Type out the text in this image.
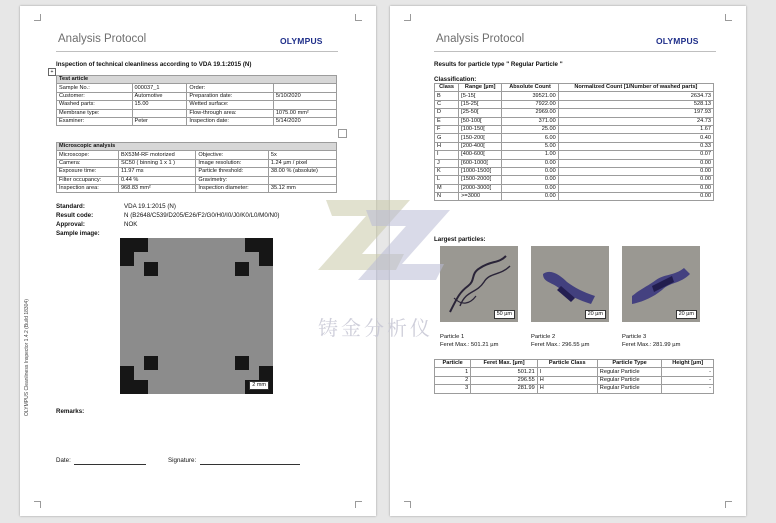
Analysis Protocol	OLYMPUS
Inspection of technical cleanliness according to VDA 19.1:2015 (N)
+
Test article			
Sample No.:	000037_1	Order:	
Customer:	Automotive	Preparation date:	5/10/2020
Washed parts:	15.00	Wetted surface:	
Membrane type:		Flow-through area:	1075.00 mm²
Examiner:	Peter	Inspection date:	5/14/2020
Microscopic analysis			
Microscope:	BX53M-RF motorized	Objective:	5x
Camera:	SC50 ( binning 1 x 1 )	Image resolution:	1.24 µm / pixel
Exposure time:	11.97 ms	Particle threshold:	38.00 % (absolute)
Filter occupancy:	0.44 %	Gravimetry:	
Inspection area:	968.83 mm²	Inspection diameter:	35.12 mm
Standard:	VDA 19.1:2015 (N)
Result code:	N (B2648/C539/D205/E26/F2/G0/H0/I0/J0/K0/L0/M0/N0)
Approval:	NOK
Sample image:
2 mm
Remarks:
Date:	Signature:
OLYMPUS Cleanliness Inspector 1.4.2 (Build 18304)
Analysis Protocol	OLYMPUS
Results for particle type " Regular Particle "
Classification:
Class	Range [µm]	Absolute Count	Normalized Count [1/Number of washed parts]
B	[5-15[	39521.00	2634.73
C	[15-25[	7922.00	528.13
D	[25-50[	2969.00	197.93
E	[50-100[	371.00	24.73
F	[100-150[	25.00	1.67
G	[150-200[	6.00	0.40
H	[200-400[	5.00	0.33
I	[400-600[	1.00	0.07
J	[600-1000[	0.00	0.00
K	[1000-1500[	0.00	0.00
L	[1500-2000[	0.00	0.00
M	[2000-3000[	0.00	0.00
N	>=3000	0.00	0.00
Largest particles:
50 µm	20 µm	20 µm
Particle 1
Feret Max.: 501.21 µm
Particle 2
Feret Max.: 296.55 µm
Particle 3
Feret Max.: 281.99 µm
Particle	Feret Max. [µm]	Particle Class	Particle Type	Height [µm]
1	501.21	I	Regular Particle	-
2	296.55	H	Regular Particle	-
3	281.99	H	Regular Particle	-
铸金分析仪
